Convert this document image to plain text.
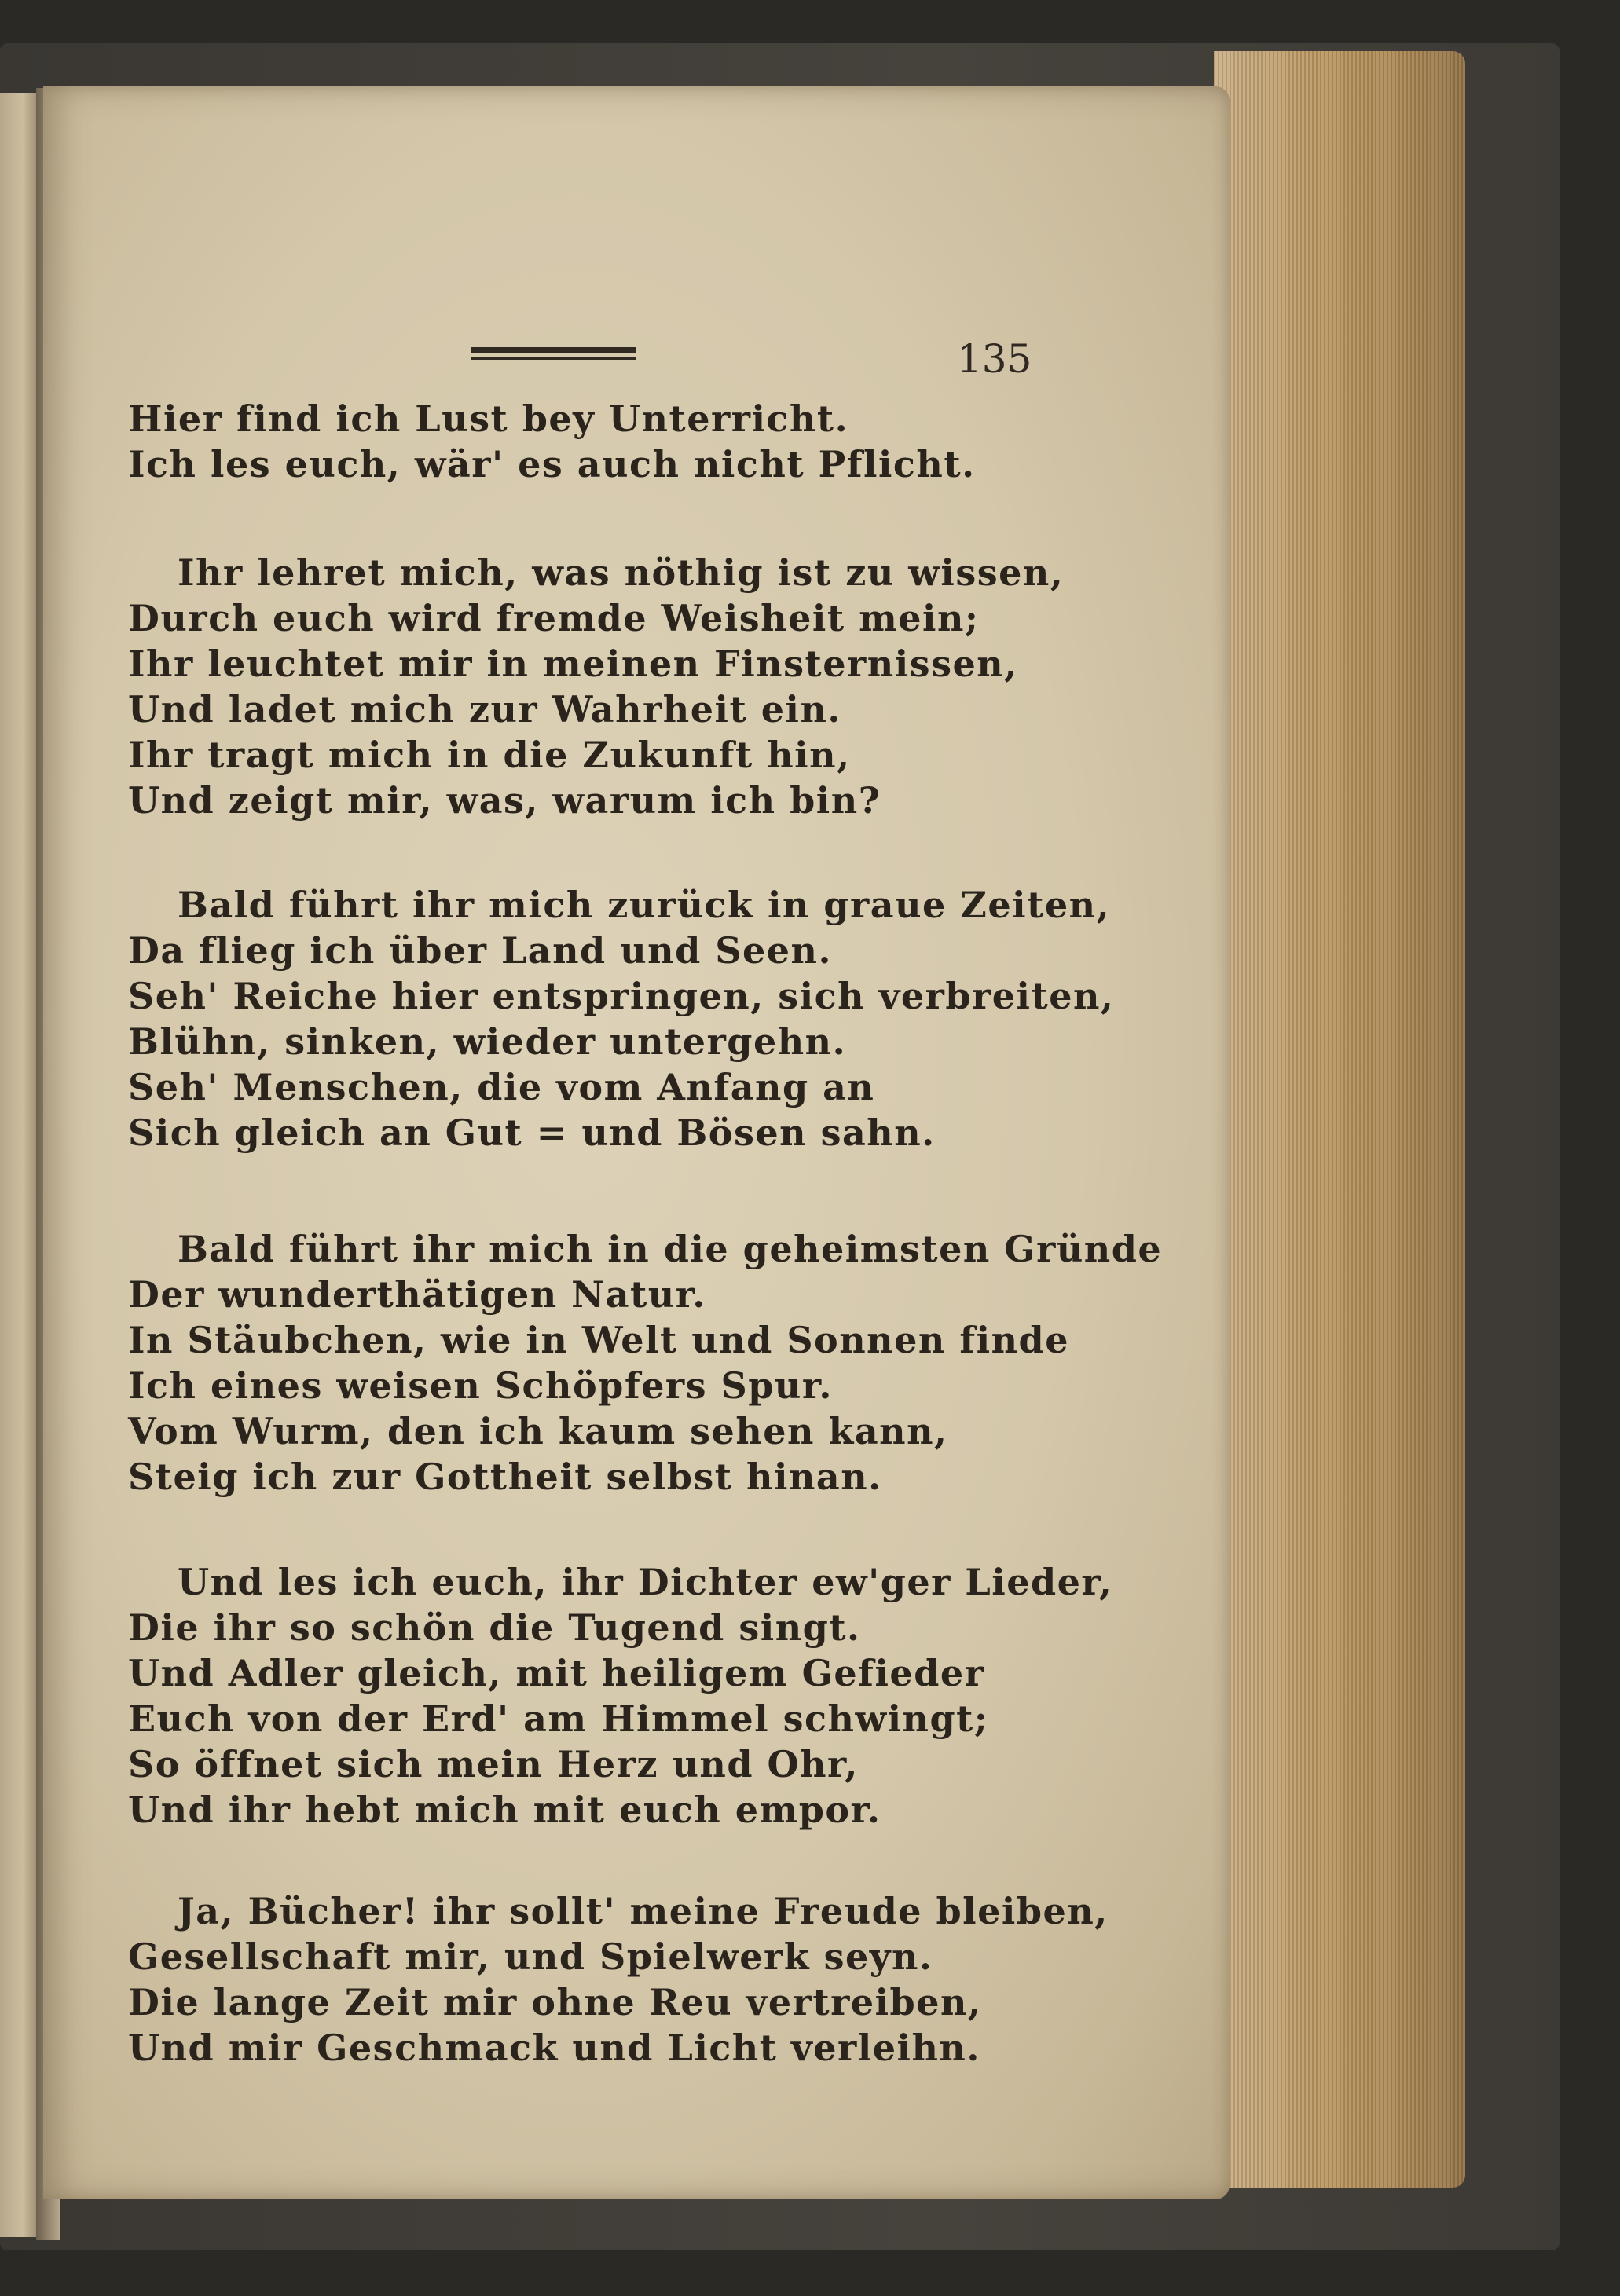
135
Hier find ich Lust bey Unterricht.
Ich les euch, wär' es auch nicht Pflicht.
Ihr lehret mich, was nöthig ist zu wissen,
Durch euch wird fremde Weisheit mein;
Ihr leuchtet mir in meinen Finsternissen,
Und ladet mich zur Wahrheit ein.
Ihr tragt mich in die Zukunft hin,
Und zeigt mir, was, warum ich bin?
Bald führt ihr mich zurück in graue Zeiten,
Da flieg ich über Land und Seen.
Seh' Reiche hier entspringen, sich verbreiten,
Blühn, sinken, wieder untergehn.
Seh' Menschen, die vom Anfang an
Sich gleich an Gut = und Bösen sahn.
Bald führt ihr mich in die geheimsten Gründe
Der wunderthätigen Natur.
In Stäubchen, wie in Welt und Sonnen finde
Ich eines weisen Schöpfers Spur.
Vom Wurm, den ich kaum sehen kann,
Steig ich zur Gottheit selbst hinan.
Und les ich euch, ihr Dichter ew'ger Lieder,
Die ihr so schön die Tugend singt.
Und Adler gleich, mit heiligem Gefieder
Euch von der Erd' am Himmel schwingt;
So öffnet sich mein Herz und Ohr,
Und ihr hebt mich mit euch empor.
Ja, Bücher! ihr sollt' meine Freude bleiben,
Gesellschaft mir, und Spielwerk seyn.
Die lange Zeit mir ohne Reu vertreiben,
Und mir Geschmack und Licht verleihn.
